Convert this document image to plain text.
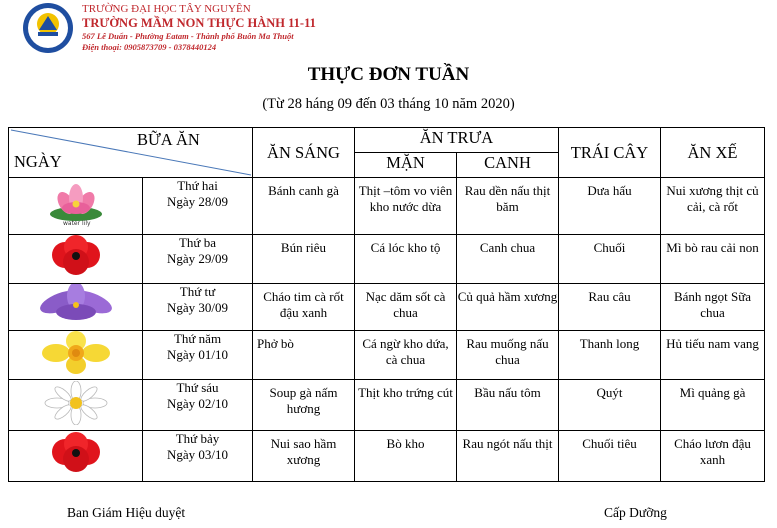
TRƯỜNG ĐẠI HỌC TÂY NGUYÊN
TRƯỜNG MẦM NON THỰC HÀNH 11-11
567 Lê Duẩn - Phường Eatam - Thành phố Buôn Ma Thuột
Điện thoại: 0905873709 - 0378440124
THỰC ĐƠN TUẦN
(Từ 28 háng 09 đến 03 tháng 10 năm 2020)
BỮA ĂN
NGÀY		ĂN SÁNG	ĂN TRƯA		TRÁI CÂY	ĂN XẾ
			MẶN	CANH		

water lily	Thứ hai
Ngày 28/09	Bánh canh gà	Thịt –tôm vo viên kho nước dừa	Rau dền nấu thịt băm	Dưa hấu	Nui xương thịt củ cải, cà rốt

Thứ ba
Ngày 29/09	Bún riêu	Cá lóc kho tộ	Canh chua	Chuối	Mì bò rau cải non

Thứ tư
Ngày 30/09	Cháo tim cà rốt đậu xanh	Nạc dăm sốt cà chua	Củ quả hầm xương	Rau câu	Bánh ngọt Sữa chua

Thứ năm
Ngày 01/10	Phở bò	Cá ngừ kho dứa, cà chua	Rau muống nấu chua	Thanh long	Hủ tiếu nam vang

Thứ sáu
Ngày 02/10	Soup gà nấm hương	Thịt kho trứng cút	Bầu nấu tôm	Quýt	Mì quảng gà

Thứ bảy
Ngày 03/10	Nui sao hầm xương	Bò kho	Rau ngót nấu thịt	Chuối tiêu	Cháo lươn đậu xanh
Ban Giám Hiệu duyệt	Cấp Dưỡng
